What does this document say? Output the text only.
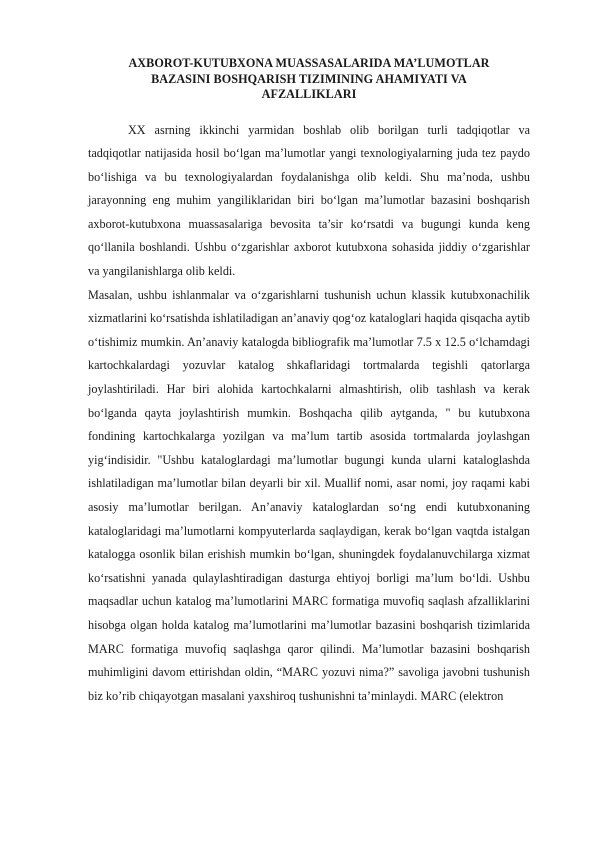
AXBOROT-KUTUBXONA MUASSASALARIDA MA’LUMOTLAR
BAZASINI BOSHQARISH TIZIMINING AHAMIYATI VA
AFZALLIKLARI

XX asrning ikkinchi yarmidan boshlab olib borilgan turli tadqiqotlar va tadqiqotlar natijasida hosil bo‘lgan ma’lumotlar yangi texnologiyalarning juda tez paydo bo‘lishiga va bu texnologiyalardan foydalanishga olib keldi. Shu ma’noda, ushbu jarayonning eng muhim yangiliklaridan biri bo‘lgan ma’lumotlar bazasini boshqarish axborot-kutubxona muassasalariga bevosita ta’sir ko‘rsatdi va bugungi kunda keng qo‘llanila boshlandi. Ushbu o‘zgarishlar axborot kutubxona sohasida jiddiy o‘zgarishlar va yangilanishlarga olib keldi.

Masalan, ushbu ishlanmalar va o‘zgarishlarni tushunish uchun klassik kutubxonachilik xizmatlarini ko‘rsatishda ishlatiladigan an’anaviy qog‘oz kataloglari haqida qisqacha aytib o‘tishimiz mumkin. An’anaviy katalogda bibliografik ma’lumotlar 7.5 x 12.5 o‘lchamdagi kartochkalardagi yozuvlar katalog shkaflaridagi tortmalarda tegishli qatorlarga joylashtiriladi. Har biri alohida kartochkalarni almashtirish, olib tashlash va kerak bo‘lganda qayta joylashtirish mumkin. Boshqacha qilib aytganda, " bu kutubxona fondining kartochkalarga yozilgan va ma’lum tartib asosida tortmalarda joylashgan yig‘indisidir. "Ushbu kataloglardagi ma’lumotlar bugungi kunda ularni kataloglashda ishlatiladigan ma’lumotlar bilan deyarli bir xil. Muallif nomi, asar nomi, joy raqami kabi asosiy ma’lumotlar berilgan. An’anaviy kataloglardan so‘ng endi kutubxonaning kataloglaridagi ma’lumotlarni kompyuterlarda saqlaydigan, kerak bo‘lgan vaqtda istalgan katalogga osonlik bilan erishish mumkin bo‘lgan, shuningdek foydalanuvchilarga xizmat ko‘rsatishni yanada qulaylashtiradigan dasturga ehtiyoj borligi ma’lum bo‘ldi. Ushbu maqsadlar uchun katalog ma’lumotlarini MARC formatiga muvofiq saqlash afzalliklarini hisobga olgan holda katalog ma’lumotlarini ma’lumotlar bazasini boshqarish tizimlarida MARC formatiga muvofiq saqlashga qaror qilindi. Ma’lumotlar bazasini boshqarish muhimligini davom ettirishdan oldin, “MARC yozuvi nima?” savoliga javobni tushunish biz ko’rib chiqayotgan masalani yaxshiroq tushunishni ta’minlaydi. MARC (elektron
